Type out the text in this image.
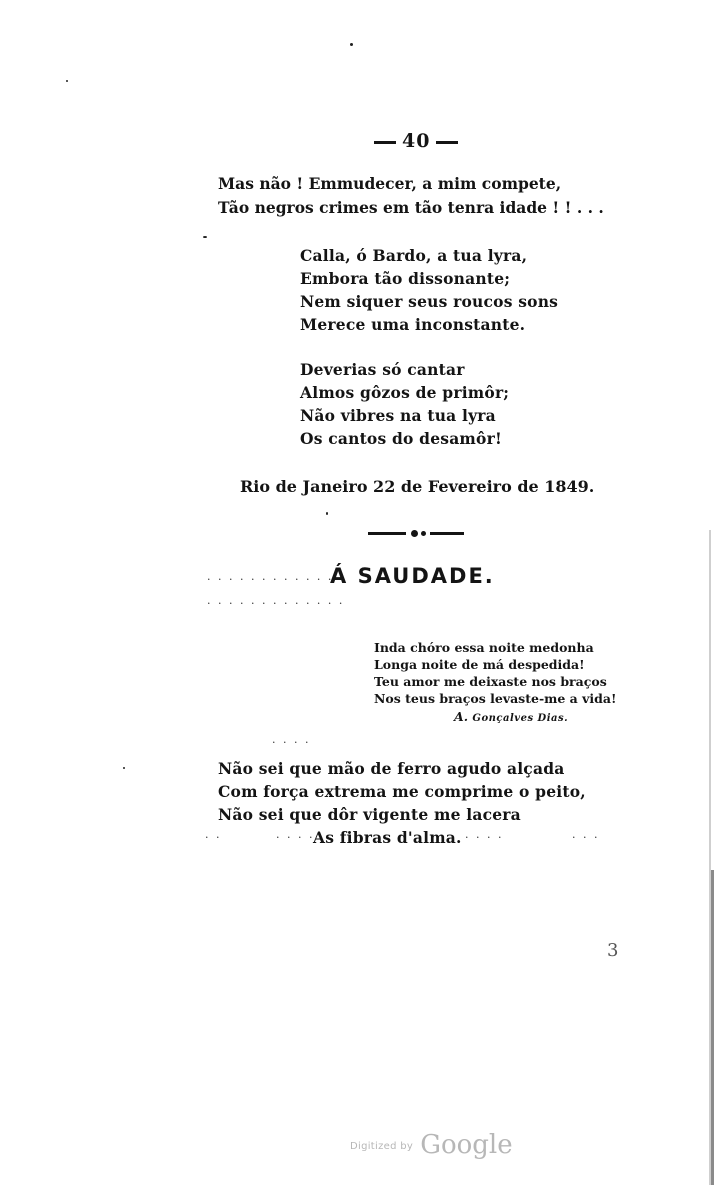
40
Mas não ! Emmudecer, a mim compete,
Tão negros crimes em tão tenra idade ! ! . . .
Calla, ó Bardo, a tua lyra,
Embora tão dissonante;
Nem siquer seus roucos sons
Merece uma inconstante.
Deverias só cantar
Almos gôzos de primôr;
Não vibres na tua lyra
Os cantos do desamôr!
Rio de Janeiro 22 de Fevereiro de 1849.
. . . . . . . . . . . .
Á SAUDADE.
. . . . . . . . . . . . .
Inda chóro essa noite medonha
Longa noite de má despedida!
Teu amor me deixaste nos braços
Nos teus braços levaste-me a vida!
A. Gonçalves Dias.
. . . .
Não sei que mão de ferro agudo alçada
Com força extrema me comprime o peito,
Não sei que dôr vigente me lacera
. .	. . . .
As fibras d'alma. . . . .	. . .
3
Digitized by Google
